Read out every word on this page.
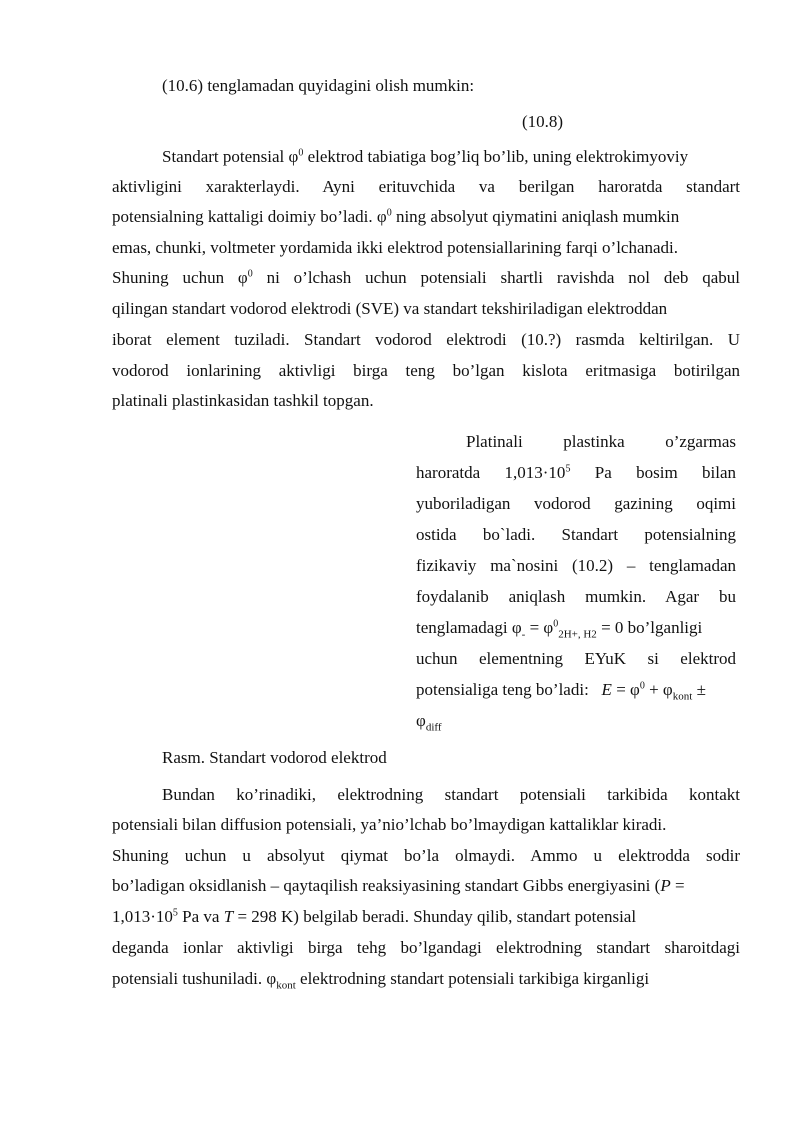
(10.6) tenglamadan quyidagini olish mumkin:
(10.8)
Standart potensial $\varphi^0$ elektrod tabiatiga bog’liq bo’lib, uning elektrokimyoviy
aktivligini xarakterlaydi. Ayni erituvchida va berilgan haroratda standart
potensialning kattaligi doimiy bo’ladi. $\varphi^0$ ning absolyut qiymatini aniqlash mumkin
emas, chunki, voltmeter yordamida ikki elektrod potensiallarining farqi o’lchanadi.
Shuning uchun $\varphi^0$ ni o’lchash uchun potensiali shartli ravishda nol deb qabul
qilingan standart vodorod elektrodi (SVE) va standart tekshiriladigan elektroddan
iborat element tuziladi. Standart vodorod elektrodi (10.?) rasmda keltirilgan. U
vodorod ionlarining aktivligi birga teng bo’lgan kislota eritmasiga botirilgan
platinali plastinkasidan tashkil topgan.
Platinali plastinka o’zgarmas
haroratda $1,013\cdot 10^5$ Pa bosim bilan
yuboriladigan vodorod gazining oqimi
ostida bo`ladi. Standart potensialning
fizikaviy ma`nosini (10.2) – tenglamadan
foydalanib aniqlash mumkin. Agar bu
tenglamadagi $\varphi_- = \varphi^0_{2H+, H2} = 0$ bo’lganligi
uchun elementning EYuK si elektrod
potensialiga teng bo’ladi: $E = \varphi^0 + \varphi_{kont}$ ±
$\varphi_{diff}$
Rasm. Standart vodorod elektrod
Bundan ko’rinadiki, elektrodning standart potensiali tarkibida kontakt
potensiali bilan diffusion potensiali, ya’nio’lchab bo’lmaydigan kattaliklar kiradi.
Shuning uchun u absolyut qiymat bo’la olmaydi. Ammo u elektrodda sodir
bo’ladigan oksidlanish – qaytaqilish reaksiyasining standart Gibbs energiyasini (P =
$1,013\cdot 10^5$ Pa va T = 298 K) belgilab beradi. Shunday qilib, standart potensial
deganda ionlar aktivligi birga tehg bo’lgandagi elektrodning standart sharoitdagi
potensiali tushuniladi. $\varphi_{kont}$ elektrodning standart potensiali tarkibiga kirganligi
